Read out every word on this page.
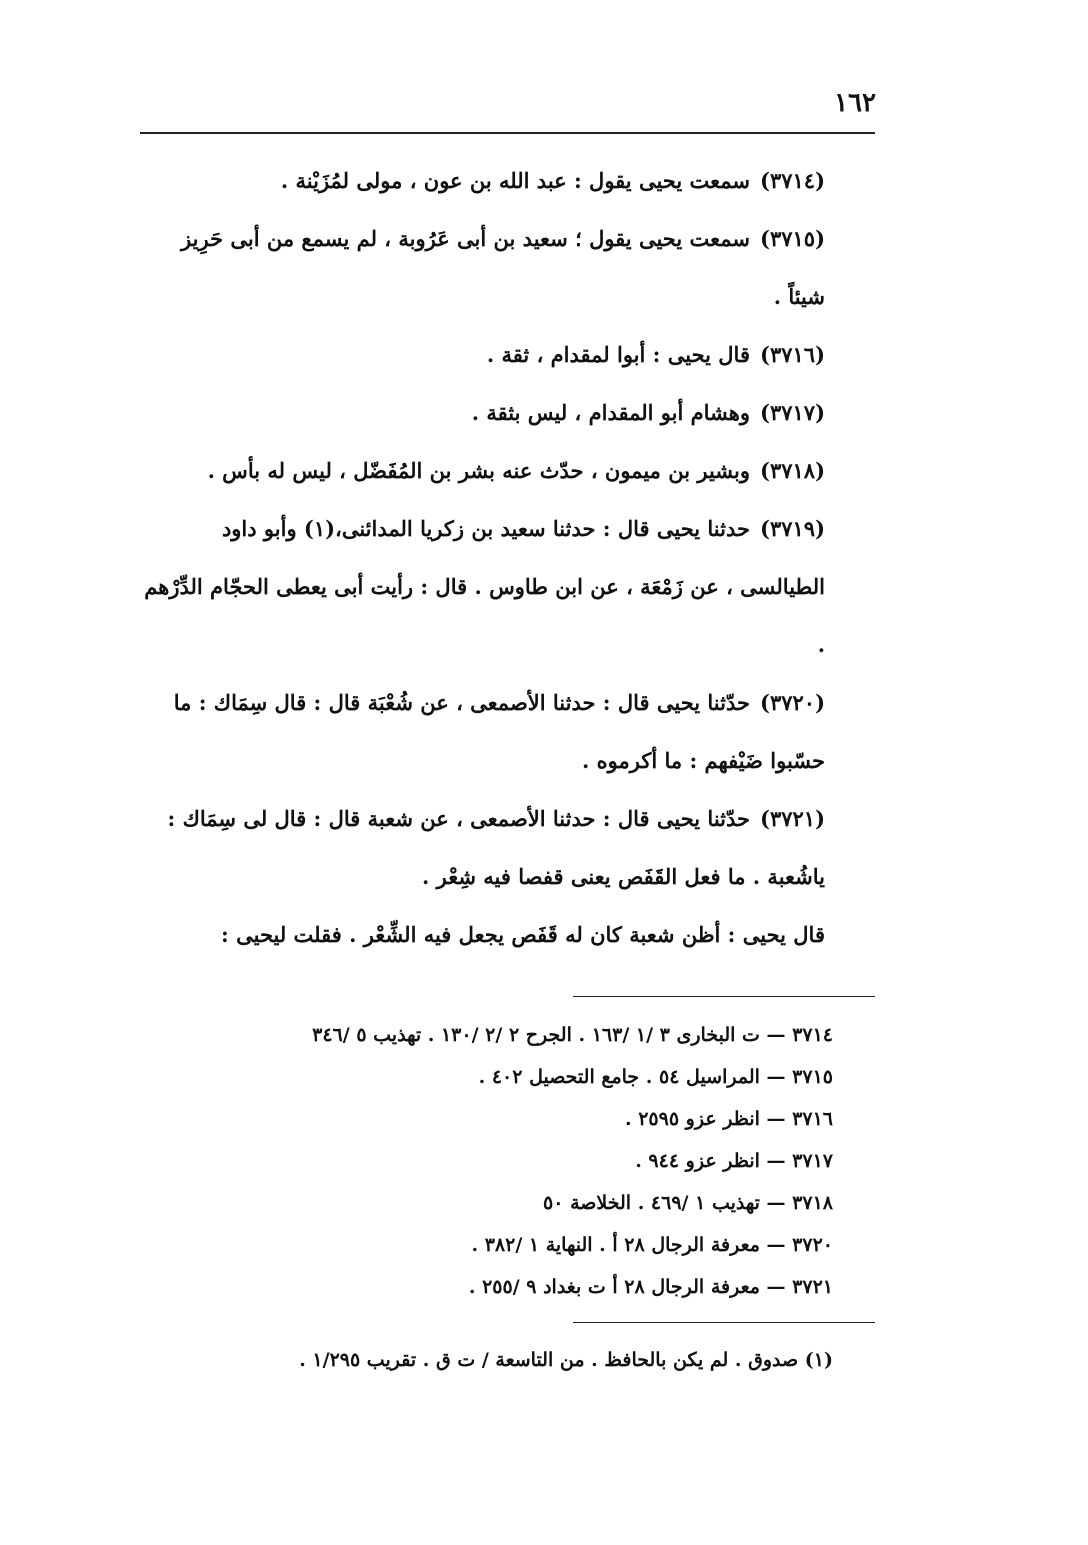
١٦٢

(٣٧١٤)سمعت يحيى يقول : عبد الله بن عون ، مولى لمُزَيْنة .

(٣٧١٥)سمعت يحيى يقول ؛ سعيد بن أبى عَرُوبة ، لم يسمع من أبى حَرِيز شيئاً .

(٣٧١٦)قال يحيى : أبوا لمقدام ، ثقة .

(٣٧١٧)وهشام أبو المقدام ، ليس بثقة .

(٣٧١٨)وبشير بن ميمون ، حدّث عنه بشر بن المُفَضّل ، ليس له بأس .

(٣٧١٩)حدثنا يحيى قال : حدثنا سعيد بن زكريا المدائنى،(١) وأبو داود الطيالسى ، عن زَمْعَة ، عن ابن طاوس . قال : رأيت أبى يعطى الحجّام الدِّرْهم .

(٣٧٢٠)حدّثنا يحيى قال : حدثنا الأصمعى ، عن شُعْبَة قال : قال سِمَاك : ما حسّبوا ضَيْفهم : ما أكرموه .

(٣٧٢١)حدّثنا يحيى قال : حدثنا الأصمعى ، عن شعبة قال : قال لى سِمَاك : ياشُعبة . ما فعل القَفَص يعنى قفصا فيه شِعْر .

قال يحيى : أظن شعبة كان له قَفَص يجعل فيه الشِّعْر . فقلت ليحيى :

٣٧١٤ — ت البخارى ٣ /١ /١٦٣ . الجرح ٢ /٢ /١٣٠ . تهذيب ٥ /٣٤٦
٣٧١٥ — المراسيل ٥٤ . جامع التحصيل ٤٠٢ .
٣٧١٦ — انظر عزو ٢٥٩٥ .
٣٧١٧ — انظر عزو ٩٤٤ .
٣٧١٨ — تهذيب ١ /٤٦٩ . الخلاصة ٥٠
٣٧٢٠ — معرفة الرجال ٢٨ أ . النهاية ١ /٣٨٢ .
٣٧٢١ — معرفة الرجال ٢٨ أ ت بغداد ٩ /٢٥٥ .
(١) صدوق . لم يكن بالحافظ . من التاسعة / ت ق . تقريب ١/٢٩٥ .
